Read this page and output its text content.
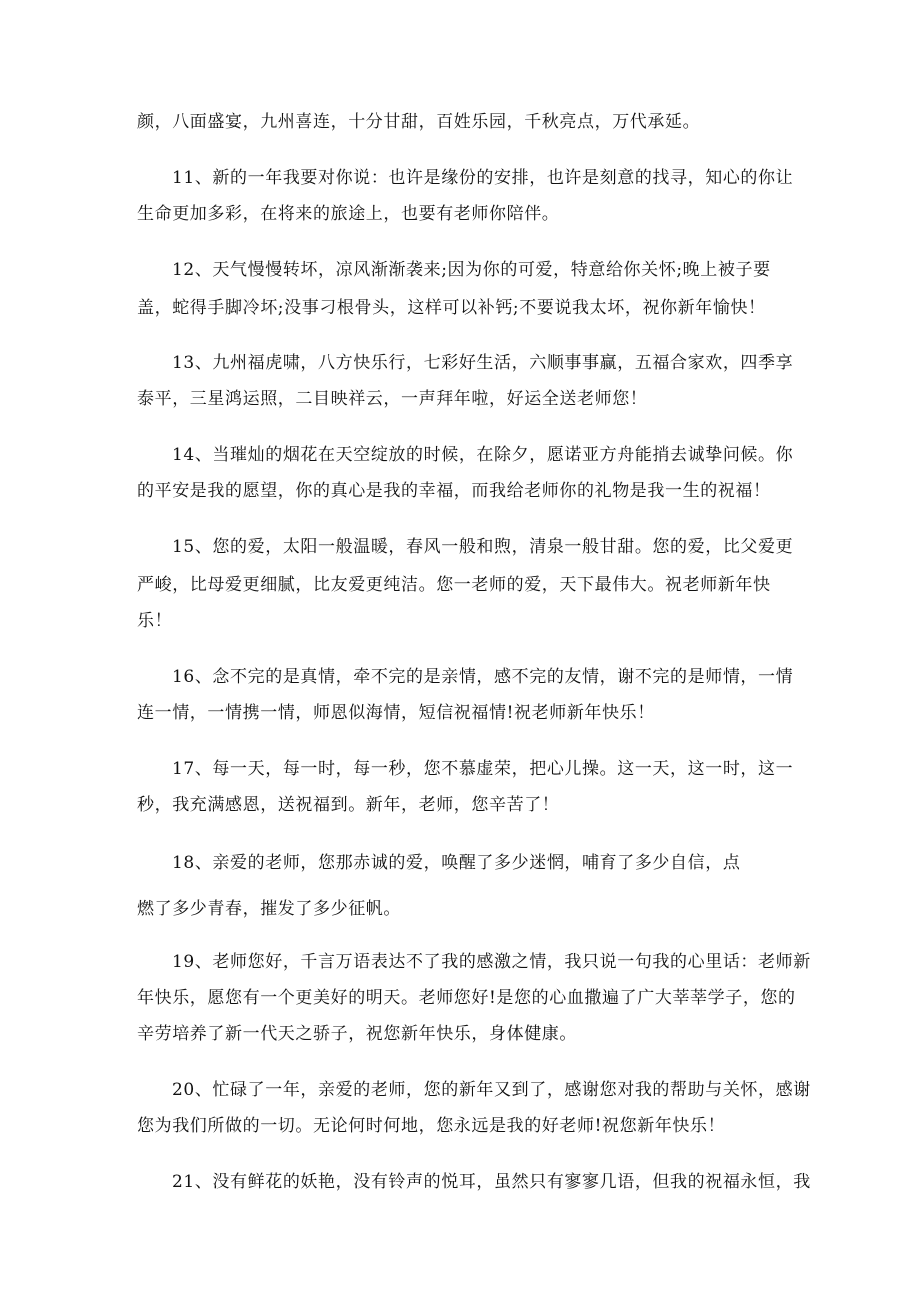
颜，八面盛宴，九州喜连，十分甘甜，百姓乐园，千秋亮点，万代承延。
11、新的一年我要对你说：也许是缘份的安排，也许是刻意的找寻，知心的你让
生命更加多彩，在将来的旅途上，也要有老师你陪伴。
12、天气慢慢转坏，凉风渐渐袭来;因为你的可爱，特意给你关怀;晚上被子要
盖，蛇得手脚冷坏;没事刁根骨头，这样可以补钙;不要说我太坏，祝你新年愉快！
13、九州福虎啸，八方快乐行，七彩好生活，六顺事事赢，五福合家欢，四季享
泰平，三星鸿运照，二目映祥云，一声拜年啦，好运全送老师您！
14、当璀灿的烟花在天空绽放的时候，在除夕，愿诺亚方舟能捎去诚挚问候。你
的平安是我的愿望，你的真心是我的幸福，而我给老师你的礼物是我一生的祝福！
15、您的爱，太阳一般温暖，春风一般和煦，清泉一般甘甜。您的爱，比父爱更
严峻，比母爱更细腻，比友爱更纯洁。您一老师的爱，天下最伟大。祝老师新年快
乐！
16、念不完的是真情，牵不完的是亲情，感不完的友情，谢不完的是师情，一情
连一情，一情携一情，师恩似海情，短信祝福情!祝老师新年快乐！
17、每一天，每一时，每一秒，您不慕虚荣，把心儿操。这一天，这一时，这一
秒，我充满感恩，送祝福到。新年，老师，您辛苦了！
18、亲爱的老师，您那赤诚的爱，唤醒了多少迷惘，哺育了多少自信，点
燃了多少青春，摧发了多少征帆。
19、老师您好，千言万语表达不了我的感激之情，我只说一句我的心里话：老师新
年快乐，愿您有一个更美好的明天。老师您好!是您的心血撒遍了广大莘莘学子，您的
辛劳培养了新一代天之骄子，祝您新年快乐，身体健康。
20、忙碌了一年，亲爱的老师，您的新年又到了，感谢您对我的帮助与关怀，感谢
您为我们所做的一切。无论何时何地，您永远是我的好老师!祝您新年快乐！
21、没有鲜花的妖艳，没有铃声的悦耳，虽然只有寥寥几语，但我的祝福永恒，我
